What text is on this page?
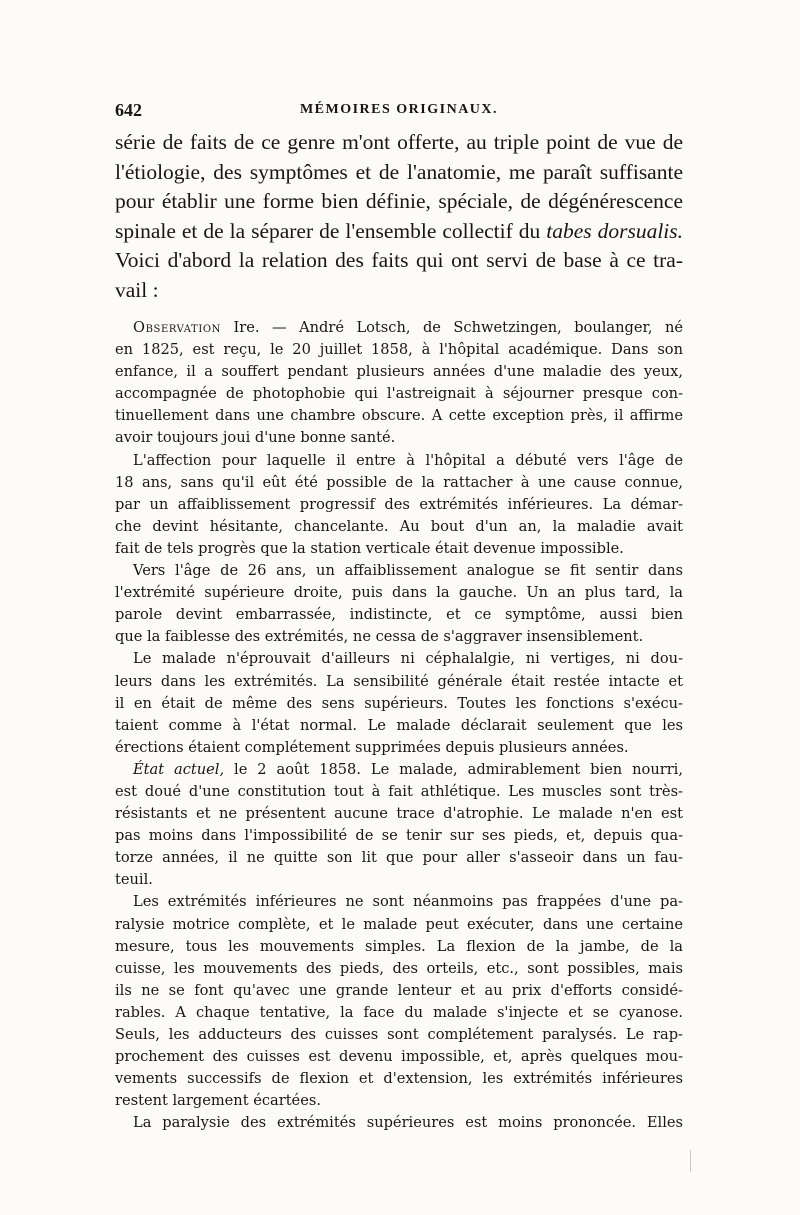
642	MÉMOIRES ORIGINAUX.
série de faits de ce genre m'ont offerte, au triple point de vue de
l'étiologie, des symptômes et de l'anatomie, me paraît suffisante
pour établir une forme bien définie, spéciale, de dégénérescence
spinale et de la séparer de l'ensemble collectif du tabes dorsualis.
Voici d'abord la relation des faits qui ont servi de base à ce tra-
vail :
Observation Ire. — André Lotsch, de Schwetzingen, boulanger, né
en 1825, est reçu, le 20 juillet 1858, à l'hôpital académique. Dans son
enfance, il a souffert pendant plusieurs années d'une maladie des yeux,
accompagnée de photophobie qui l'astreignait à séjourner presque con-
tinuellement dans une chambre obscure. A cette exception près, il affirme
avoir toujours joui d'une bonne santé.
L'affection pour laquelle il entre à l'hôpital a débuté vers l'âge de
18 ans, sans qu'il eût été possible de la rattacher à une cause connue,
par un affaiblissement progressif des extrémités inférieures. La démar-
che devint hésitante, chancelante. Au bout d'un an, la maladie avait
fait de tels progrès que la station verticale était devenue impossible.
Vers l'âge de 26 ans, un affaiblissement analogue se fit sentir dans
l'extrémité supérieure droite, puis dans la gauche. Un an plus tard, la
parole devint embarrassée, indistincte, et ce symptôme, aussi bien
que la faiblesse des extrémités, ne cessa de s'aggraver insensiblement.
Le malade n'éprouvait d'ailleurs ni céphalalgie, ni vertiges, ni dou-
leurs dans les extrémités. La sensibilité générale était restée intacte et
il en était de même des sens supérieurs. Toutes les fonctions s'exécu-
taient comme à l'état normal. Le malade déclarait seulement que les
érections étaient complétement supprimées depuis plusieurs années.
État actuel, le 2 août 1858. Le malade, admirablement bien nourri,
est doué d'une constitution tout à fait athlétique. Les muscles sont très-
résistants et ne présentent aucune trace d'atrophie. Le malade n'en est
pas moins dans l'impossibilité de se tenir sur ses pieds, et, depuis qua-
torze années, il ne quitte son lit que pour aller s'asseoir dans un fau-
teuil.
Les extrémités inférieures ne sont néanmoins pas frappées d'une pa-
ralysie motrice complète, et le malade peut exécuter, dans une certaine
mesure, tous les mouvements simples. La flexion de la jambe, de la
cuisse, les mouvements des pieds, des orteils, etc., sont possibles, mais
ils ne se font qu'avec une grande lenteur et au prix d'efforts considé-
rables. A chaque tentative, la face du malade s'injecte et se cyanose.
Seuls, les adducteurs des cuisses sont complétement paralysés. Le rap-
prochement des cuisses est devenu impossible, et, après quelques mou-
vements successifs de flexion et d'extension, les extrémités inférieures
restent largement écartées.
La paralysie des extrémités supérieures est moins prononcée. Elles
